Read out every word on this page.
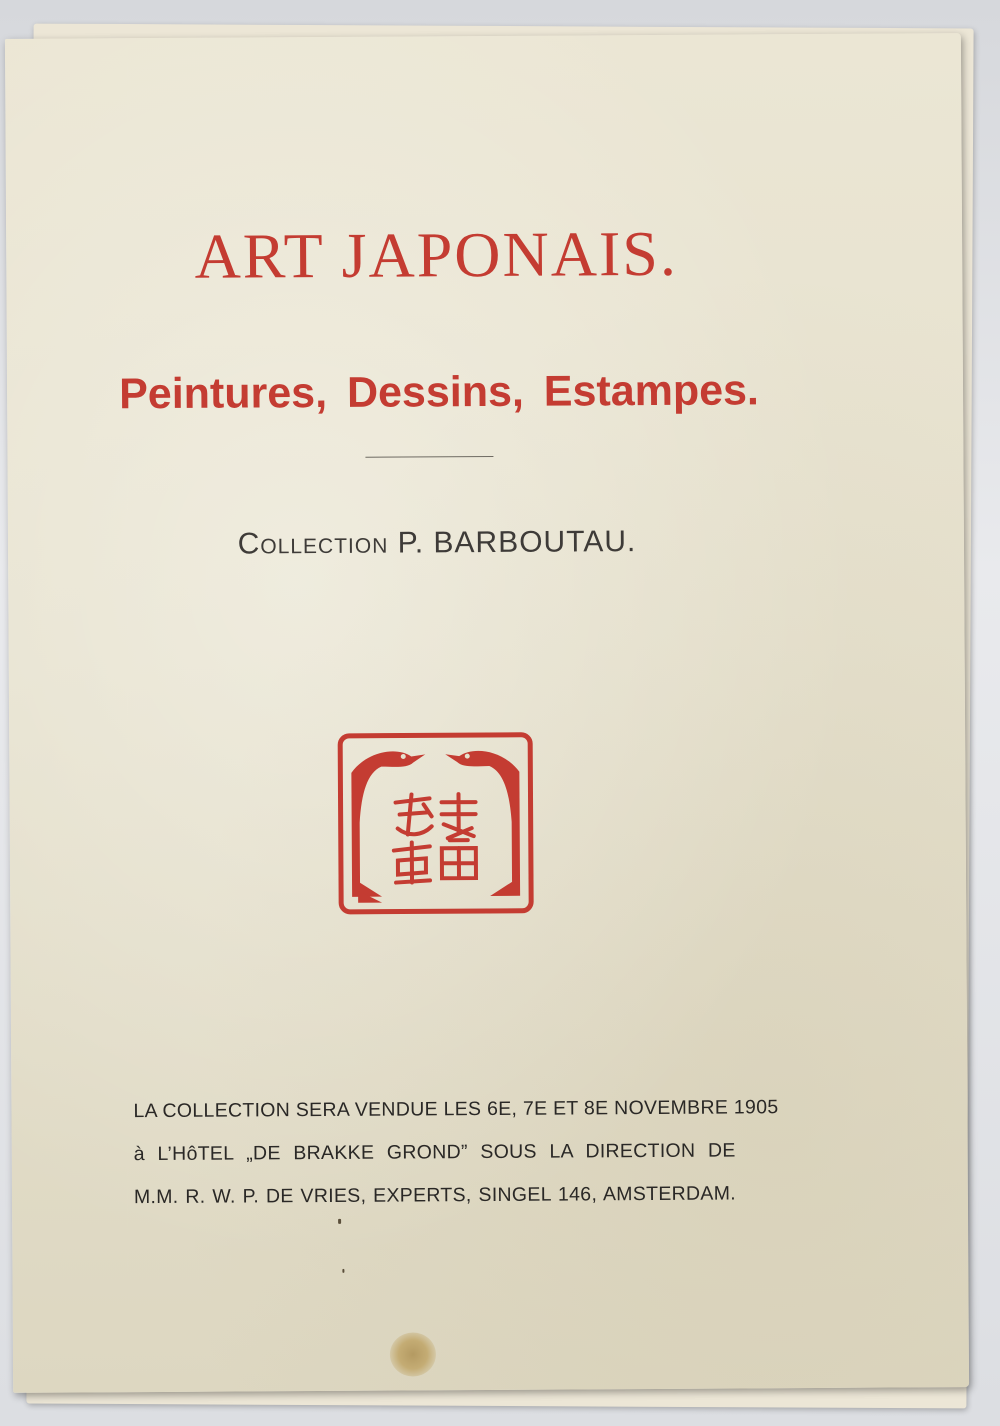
ART JAPONAIS.
Peintures, Dessins, Estampes.
Collection P. BARBOUTAU.
LA COLLECTION SERA VENDUE LES 6E, 7E ET 8E NOVEMBRE 1905
à L’HôTEL „DE BRAKKE GROND” SOUS LA DIRECTION DE
M.M. R. W. P. DE VRIES, EXPERTS, SINGEL 146, AMSTERDAM.
